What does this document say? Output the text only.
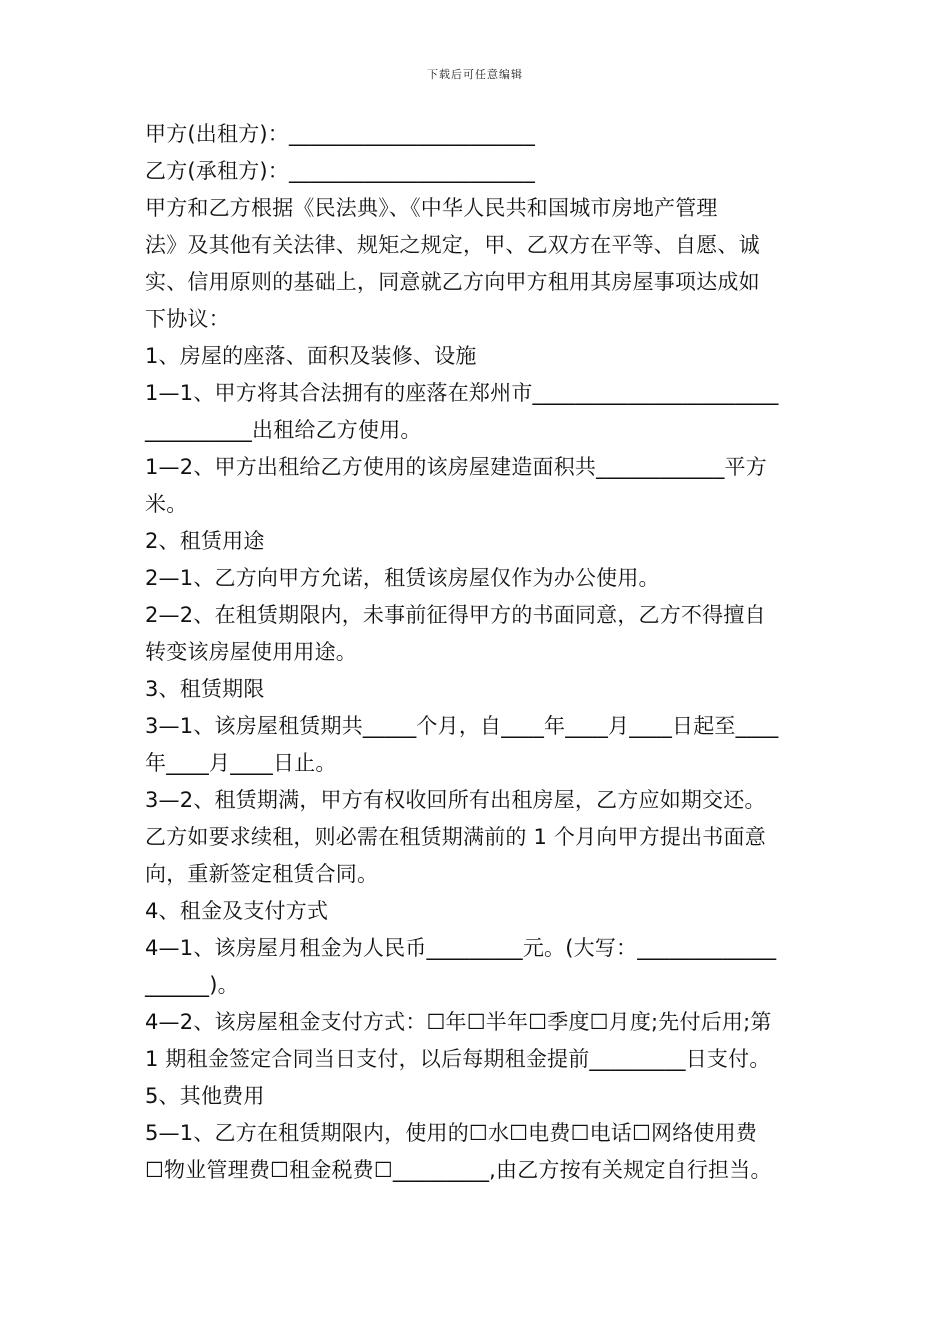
下载后可任意编辑
甲方(出租方)：_______________________
乙方(承租方)：_______________________
甲方和乙方根据《民法典》、《中华人民共和国城市房地产管理
法》及其他有关法律、规矩之规定，甲、乙双方在平等、自愿、诚
实、信用原则的基础上，同意就乙方向甲方租用其房屋事项达成如
下协议：
1、房屋的座落、面积及装修、设施
1—1、甲方将其合法拥有的座落在郑州市_______________________
__________出租给乙方使用。
1—2、甲方出租给乙方使用的该房屋建造面积共____________平方
米。
2、租赁用途
2—1、乙方向甲方允诺，租赁该房屋仅作为办公使用。
2—2、在租赁期限内，未事前征得甲方的书面同意，乙方不得擅自
转变该房屋使用用途。
3、租赁期限
3—1、该房屋租赁期共_____个月，自____年____月____日起至____
年____月____日止。
3—2、租赁期满，甲方有权收回所有出租房屋，乙方应如期交还。
乙方如要求续租，则必需在租赁期满前的 1 个月向甲方提出书面意
向，重新签定租赁合同。
4、租金及支付方式
4—1、该房屋月租金为人民币_________元。(大写：_____________
______)。
4—2、该房屋租金支付方式：☐年☐半年☐季度☐月度;先付后用;第
1 期租金签定合同当日支付，以后每期租金提前_________日支付。
5、其他费用
5—1、乙方在租赁期限内，使用的☐水☐电费☐电话☐网络使用费
☐物业管理费☐租金税费☐_________,由乙方按有关规定自行担当。
